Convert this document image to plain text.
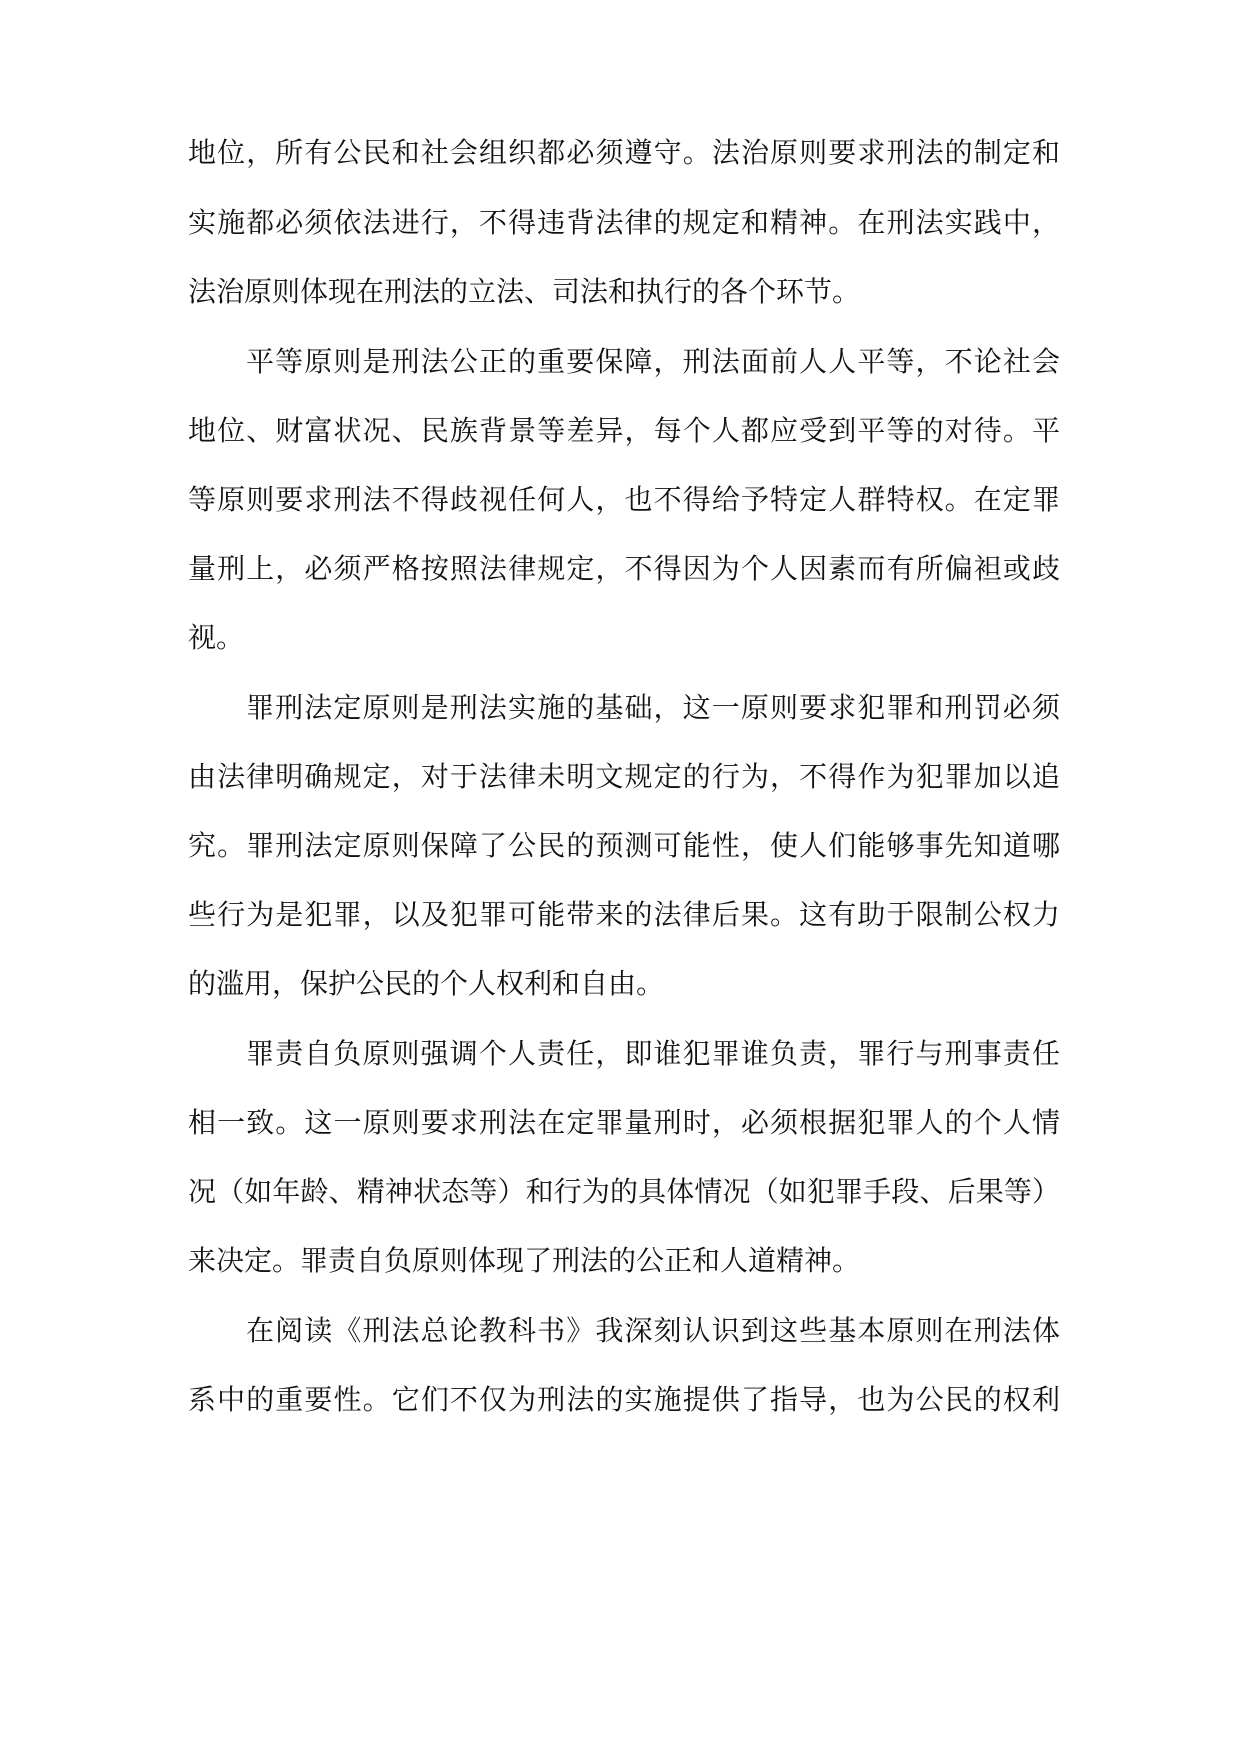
地位，所有公民和社会组织都必须遵守。法治原则要求刑法的制定和
实施都必须依法进行，不得违背法律的规定和精神。在刑法实践中，
法治原则体现在刑法的立法、司法和执行的各个环节。
平等原则是刑法公正的重要保障，刑法面前人人平等，不论社会
地位、财富状况、民族背景等差异，每个人都应受到平等的对待。平
等原则要求刑法不得歧视任何人，也不得给予特定人群特权。在定罪
量刑上，必须严格按照法律规定，不得因为个人因素而有所偏袒或歧
视。
罪刑法定原则是刑法实施的基础，这一原则要求犯罪和刑罚必须
由法律明确规定，对于法律未明文规定的行为，不得作为犯罪加以追
究。罪刑法定原则保障了公民的预测可能性，使人们能够事先知道哪
些行为是犯罪，以及犯罪可能带来的法律后果。这有助于限制公权力
的滥用，保护公民的个人权利和自由。
罪责自负原则强调个人责任，即谁犯罪谁负责，罪行与刑事责任
相一致。这一原则要求刑法在定罪量刑时，必须根据犯罪人的个人情
况（如年龄、精神状态等）和行为的具体情况（如犯罪手段、后果等）
来决定。罪责自负原则体现了刑法的公正和人道精神。
在阅读《刑法总论教科书》我深刻认识到这些基本原则在刑法体
系中的重要性。它们不仅为刑法的实施提供了指导，也为公民的权利
